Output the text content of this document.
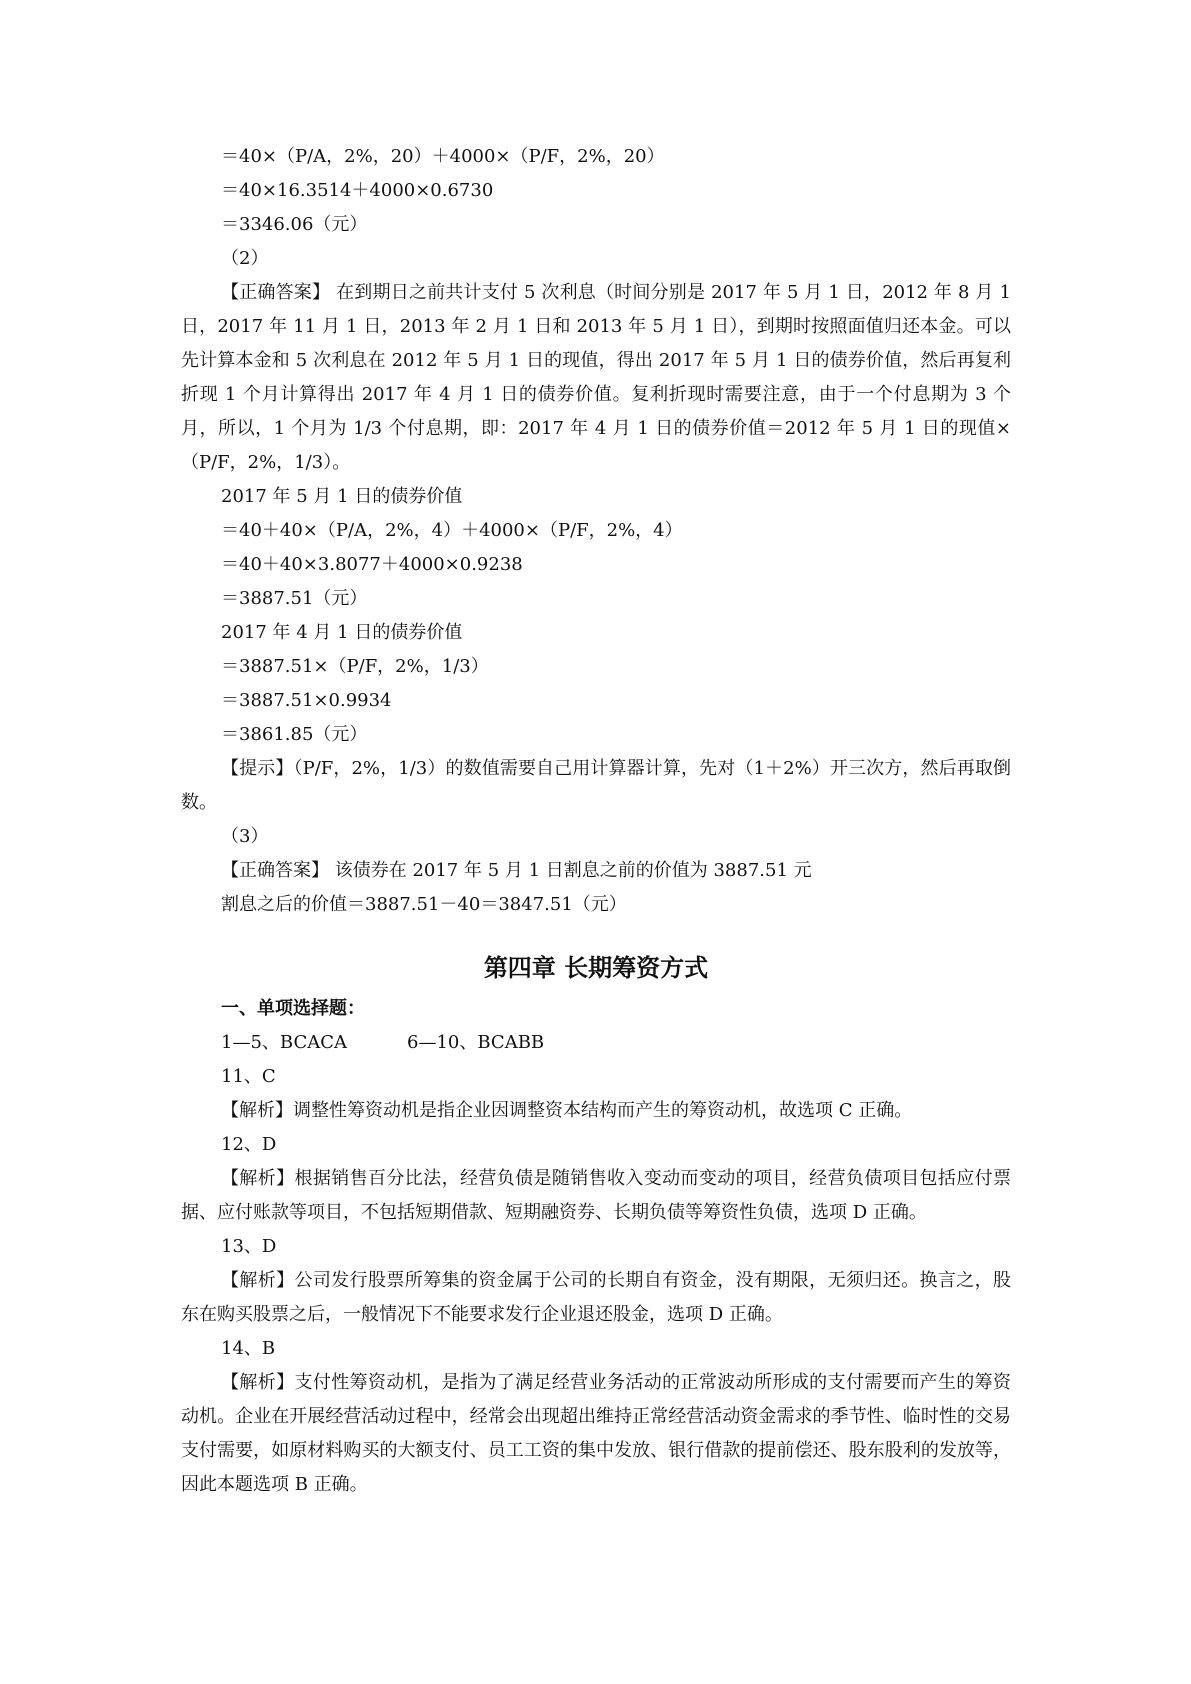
＝40×（P/A，2%，20）＋4000×（P/F，2%，20）
＝40×16.3514＋4000×0.6730
＝3346.06（元）
（2）
【正确答案】 在到期日之前共计支付 5 次利息（时间分别是 2017 年 5 月 1 日，2012 年 8 月 1 日，2017 年 11 月 1 日，2013 年 2 月 1 日和 2013 年 5 月 1 日），到期时按照面值归还本金。可以先计算本金和 5 次利息在 2012 年 5 月 1 日的现值，得出 2017 年 5 月 1 日的债券价值，然后再复利折现 1 个月计算得出 2017 年 4 月 1 日的债券价值。复利折现时需要注意，由于一个付息期为 3 个月，所以，1 个月为 1/3 个付息期，即：2017 年 4 月 1 日的债券价值＝2012 年 5 月 1 日的现值×（P/F，2%，1/3）。
2017 年 5 月 1 日的债券价值
＝40＋40×（P/A，2%，4）＋4000×（P/F，2%，4）
＝40＋40×3.8077＋4000×0.9238
＝3887.51（元）
2017 年 4 月 1 日的债券价值
＝3887.51×（P/F，2%，1/3）
＝3887.51×0.9934
＝3861.85（元）
【提示】（P/F，2%，1/3）的数值需要自己用计算器计算，先对（1＋2%）开三次方，然后再取倒数。
（3）
【正确答案】 该债券在 2017 年 5 月 1 日割息之前的价值为 3887.51 元
割息之后的价值＝3887.51－40＝3847.51（元）
第四章 长期筹资方式
一、单项选择题：
1—5、BCACA	6—10、BCABB
11、C
【解析】调整性筹资动机是指企业因调整资本结构而产生的筹资动机，故选项 C 正确。
12、D
【解析】根据销售百分比法，经营负债是随销售收入变动而变动的项目，经营负债项目包括应付票据、应付账款等项目，不包括短期借款、短期融资券、长期负债等筹资性负债，选项 D 正确。
13、D
【解析】公司发行股票所筹集的资金属于公司的长期自有资金，没有期限，无须归还。换言之，股东在购买股票之后，一般情况下不能要求发行企业退还股金，选项 D 正确。
14、B
【解析】支付性筹资动机，是指为了满足经营业务活动的正常波动所形成的支付需要而产生的筹资动机。企业在开展经营活动过程中，经常会出现超出维持正常经营活动资金需求的季节性、临时性的交易支付需要，如原材料购买的大额支付、员工工资的集中发放、银行借款的提前偿还、股东股利的发放等，因此本题选项 B 正确。
